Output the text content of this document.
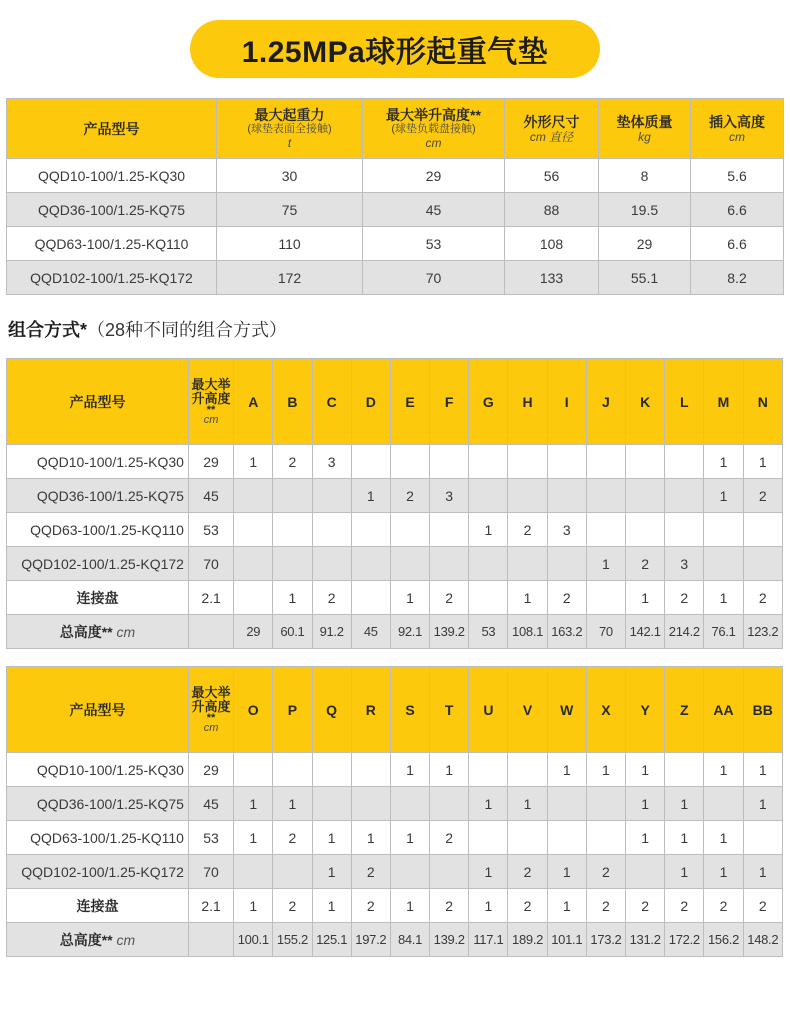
1.25MPa球形起重气垫
产品型号	最大起重力
(球垫表面全接触)
t	最大举升高度**
(球垫负载盘接触)
cm	外形尺寸
cm 直径	垫体质量
kg	插入高度
cm

QQD10-100/1.25-KQ30	30	29	56	8	5.6
QQD36-100/1.25-KQ75	75	45	88	19.5	6.6
QQD63-100/1.25-KQ110	110	53	108	29	6.6
QQD102-100/1.25-KQ172	172	70	133	55.1	8.2
组合方式*（28种不同的组合方式）
产品型号	最大举升高度
**
cm	A	B	C	D	E	F	G	H	I	J	K	L	M	N
QQD10-100/1.25-KQ30	29	1	2	3										1	1
QQD36-100/1.25-KQ75	45				1	2	3							1	2
QQD63-100/1.25-KQ110	53							1	2	3					
QQD102-100/1.25-KQ172	70										1	2	3		
连接盘	2.1		1	2		1	2		1	2		1	2	1	2
总高度** cm		29	60.1	91.2	45	92.1	139.2	53	108.1	163.2	70	142.1	214.2	76.1	123.2
产品型号	最大举升高度
**
cm	O	P	Q	R	S	T	U	V	W	X	Y	Z	AA	BB
QQD10-100/1.25-KQ30	29					1	1			1	1	1		1	1
QQD36-100/1.25-KQ75	45	1	1					1	1			1	1		1
QQD63-100/1.25-KQ110	53	1	2	1	1	1	2					1	1	1	
QQD102-100/1.25-KQ172	70			1	2			1	2	1	2		1	1	1
连接盘	2.1	1	2	1	2	1	2	1	2	1	2	2	2	2	2
总高度** cm		100.1	155.2	125.1	197.2	84.1	139.2	117.1	189.2	101.1	173.2	131.2	172.2	156.2	148.2
